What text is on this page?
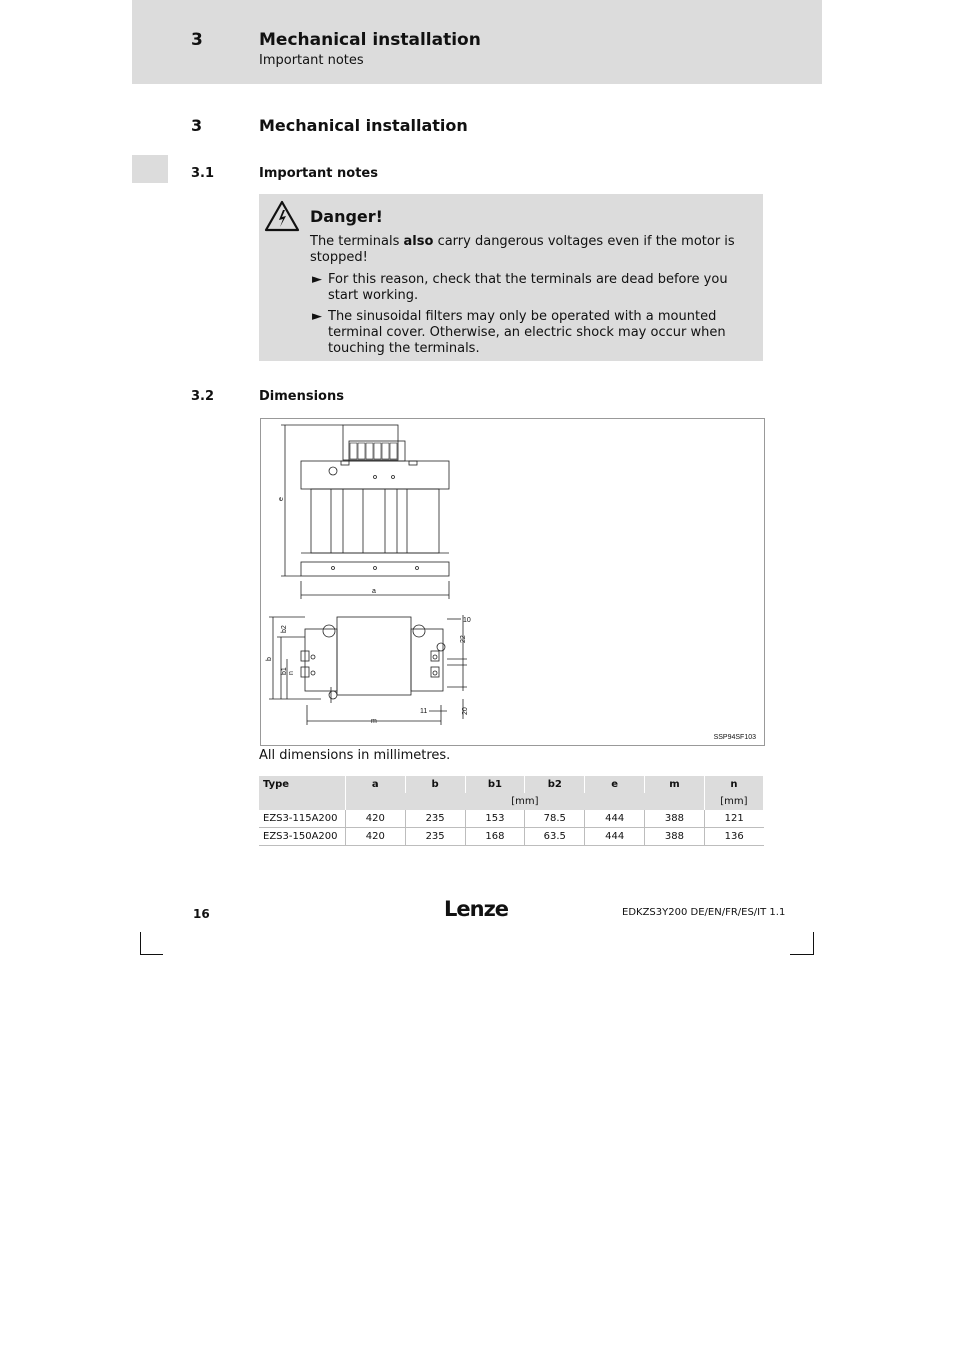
3	Mechanical installation
Important notes
3	Mechanical installation
3.1	Important notes
Danger!
The terminals also carry dangerous voltages even if the motor is stopped!
► For this reason, check that the terminals are dead before you start working.
► The sinusoidal filters may only be operated with a mounted terminal cover. Otherwise, an electric shock may occur when touching the terminals.
3.2	Dimensions
e
a
b
b2
b1 n
10
22
20
m
11
SSP94SF103
All dimensions in millimetres.
Type	a	b	b1	b2	e	m	n
	[mm]						[mm]
EZS3-115A200	420	235	153	78.5	444	388	121
EZS3-150A200	420	235	168	63.5	444	388	136
16	Lenze	EDKZS3Y200 DE/EN/FR/ES/IT 1.1
